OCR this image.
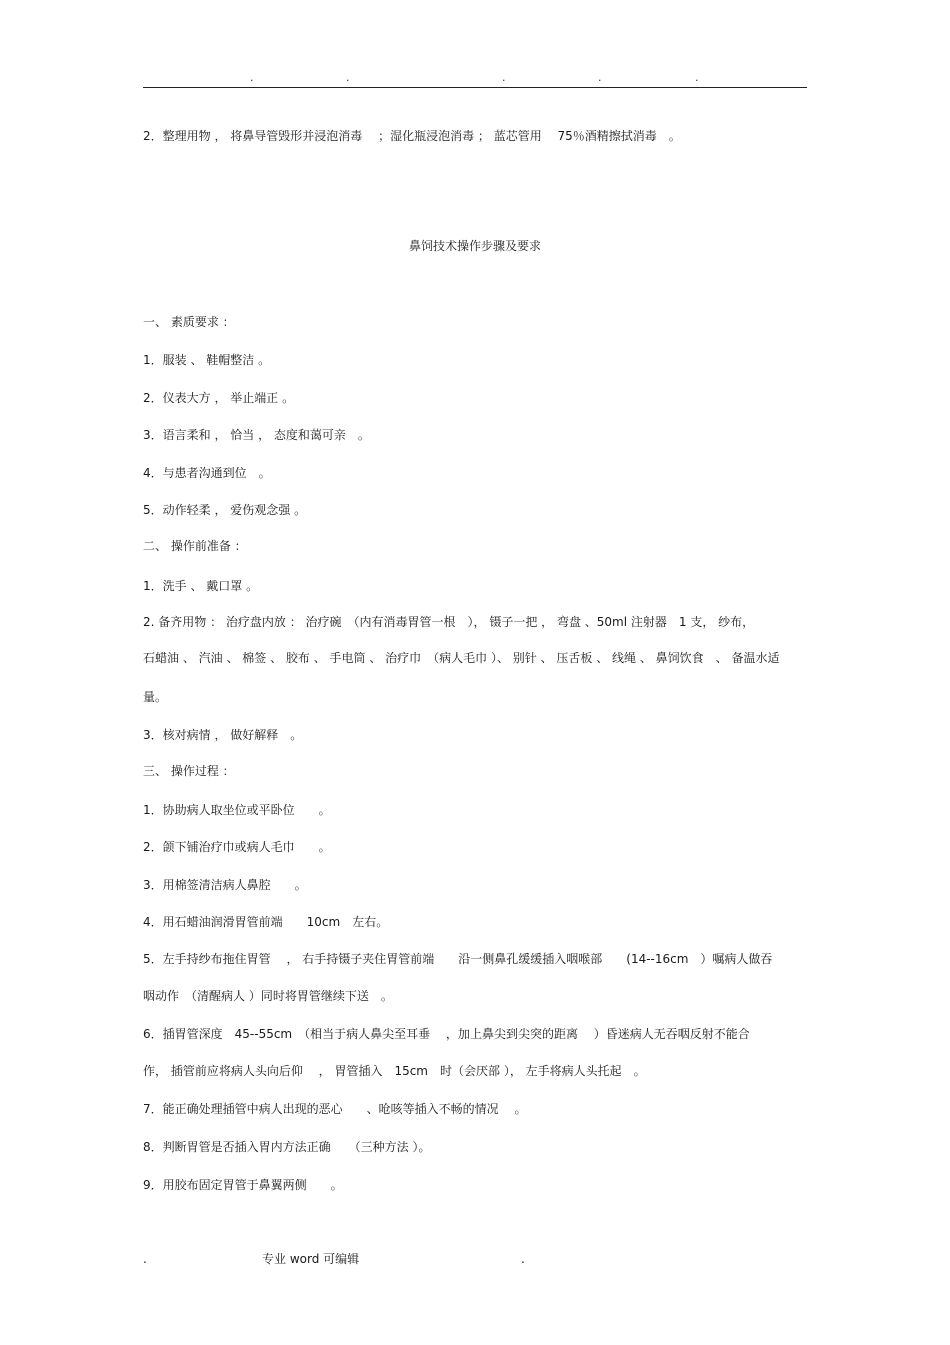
.	.	.	.	.
2．整理用物 ， 将鼻导管毁形并浸泡消毒　 ；湿化瓶浸泡消毒 ； 蓝芯管用　 75％酒精擦拭消毒　。
鼻饲技术操作步骤及要求
一、 素质要求 ：
1．服装 、 鞋帽整洁 。
2．仪表大方 ， 举止端正 。
3．语言柔和 ， 恰当 ， 态度和蔼可亲　。
4．与患者沟通到位　。
5．动作轻柔 ， 爱伤观念强 。
二、 操作前准备 ：
1．洗手 、 戴口罩 。
2. 备齐用物 ： 治疗盘内放 ： 治疗碗　（内有消毒胃管一根　）， 镊子一把 ， 弯盘 、50ml 注射器　1 支， 纱布，
石蜡油 、 汽油 、 棉签 、 胶布 、 手电筒 、 治疗巾　（病人毛巾 ）、 别针 、 压舌板 、 线绳 、 鼻饲饮食　、 备温水适
量。
3．核对病情 ， 做好解释　。
三、 操作过程 ：
1．协助病人取坐位或平卧位　　。
2．颌下铺治疗巾或病人毛巾　　。
3．用棉签清洁病人鼻腔　　。
4．用石蜡油润滑胃管前端　　10cm　左右。
5．左手持纱布拖住胃管　 ， 右手持镊子夹住胃管前端　　沿一侧鼻孔缓缓插入咽喉部　　(14--16cm　）嘱病人做吞
咽动作　（清醒病人 ）同时将胃管继续下送　。
6．插胃管深度　45--55cm　（相当于病人鼻尖至耳垂　 ，加上鼻尖到尖突的距离　 ）昏迷病人无吞咽反射不能合
作， 插管前应将病人头向后仰　 ， 胃管插入　15cm　时（会厌部 ）， 左手将病人头托起　。
7．能正确处理插管中病人出现的恶心　　、呛咳等插入不畅的情况　 。
8．判断胃管是否插入胃内方法正确　　（三种方法 ）。
9．用胶布固定胃管于鼻翼两侧　　。
.	专业 word 可编辑	.
